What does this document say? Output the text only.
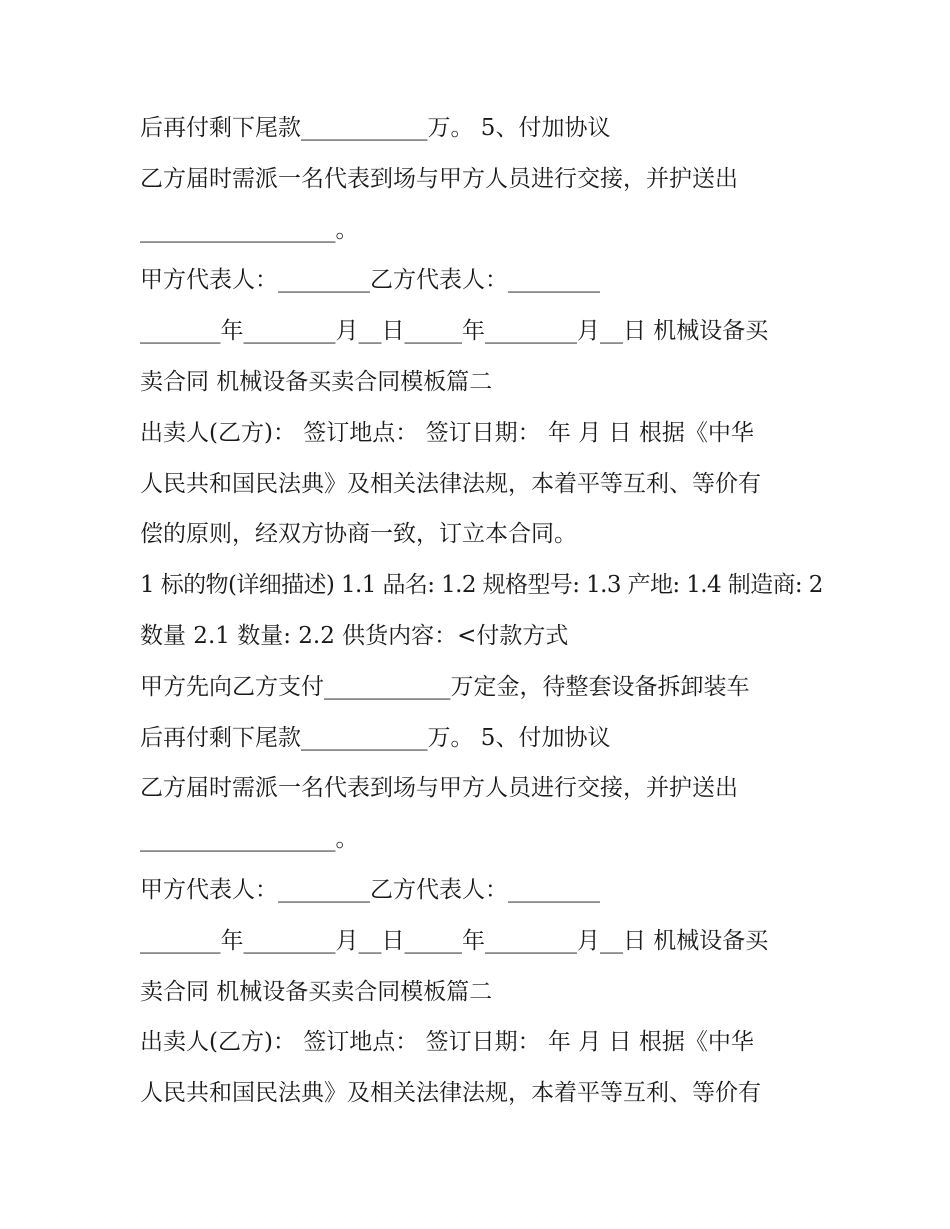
后再付剩下尾款___________万。 5、付加协议
乙方届时需派一名代表到场与甲方人员进行交接，并护送出
_________________。
甲方代表人：________乙方代表人：________
_______年________月__日_____年________月__日 机械设备买
卖合同 机械设备买卖合同模板篇二
出卖人(乙方)： 签订地点： 签订日期： 年 月 日 根据《中华
人民共和国民法典》及相关法律法规，本着平等互利、等价有
偿的原则，经双方协商一致，订立本合同。
1 标的物(详细描述) 1.1 品名: 1.2 规格型号: 1.3 产地: 1.4 制造商: 2
数量 2.1 数量: 2.2 供货内容：<付款方式
甲方先向乙方支付___________万定金，待整套设备拆卸装车
后再付剩下尾款___________万。 5、付加协议
乙方届时需派一名代表到场与甲方人员进行交接，并护送出
_________________。
甲方代表人：________乙方代表人：________
_______年________月__日_____年________月__日 机械设备买
卖合同 机械设备买卖合同模板篇二
出卖人(乙方)： 签订地点： 签订日期： 年 月 日 根据《中华
人民共和国民法典》及相关法律法规，本着平等互利、等价有
